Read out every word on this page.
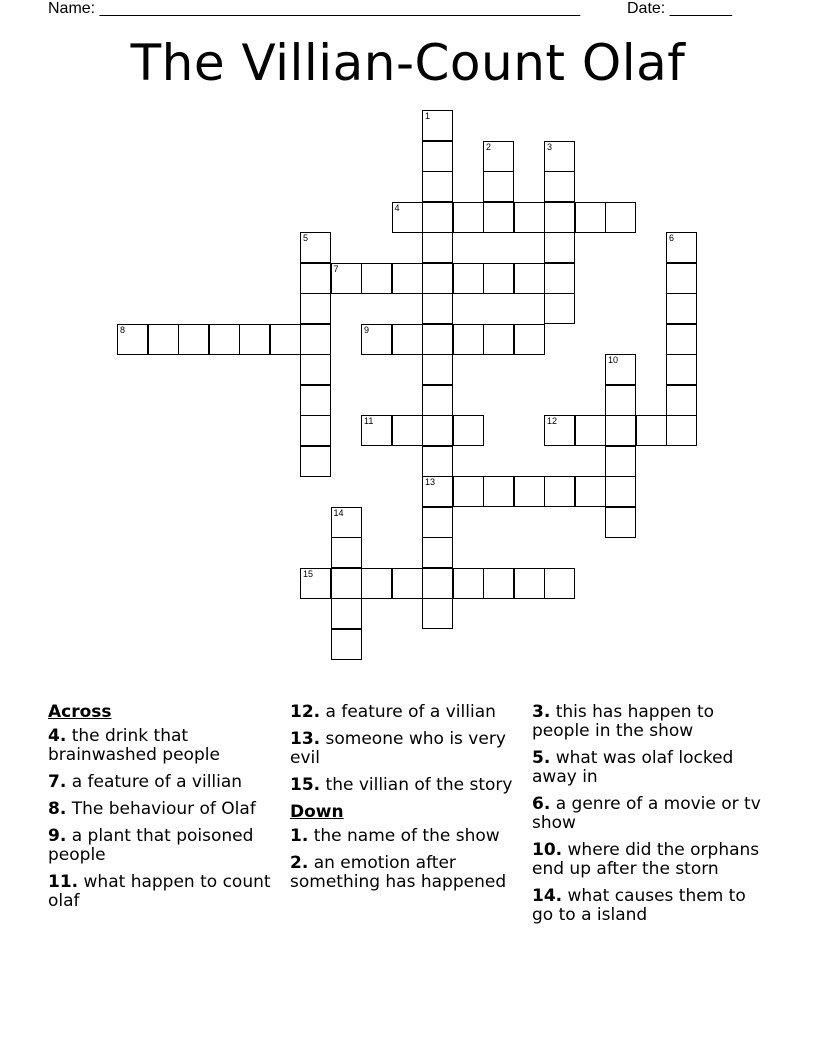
Name: ______________________________________________________	Date: _______
The Villian-Count Olaf
1
13
2	3
4
5	6
7
8	9
10
11	12
14
15
Across
4. the drink that brainwashed people
7. a feature of a villian
8. The behaviour of Olaf
9. a plant that poisoned people
11. what happen to count olaf
12. a feature of a villian
13. someone who is very evil
15. the villian of the story
Down
1. the name of the show
2. an emotion after something has happened
3. this has happen to people in the show
5. what was olaf locked away in
6. a genre of a movie or tv show
10. where did the orphans end up after the storn
14. what causes them to go to a island
